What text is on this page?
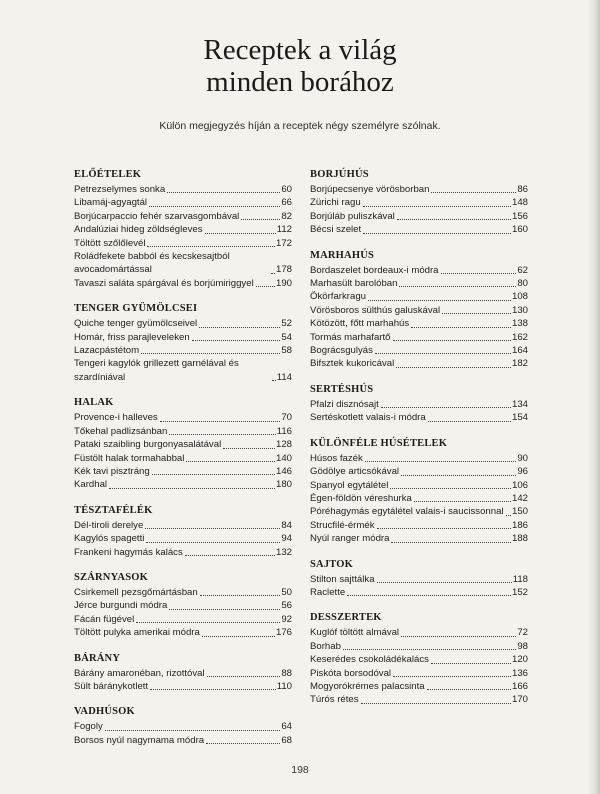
Receptek a világ
minden borához
Külön megjegyzés híján a receptek négy személyre szólnak.
ELŐÉTELEK
Petrezselymes sonka	60
Libamáj-agyagtál	66
Borjúcarpaccio fehér szarvasgombával	82
Andalúziai hideg zöldségleves	112
Töltött szőlőlevél	172
Roládfekete babból és kecskesajtból avocadomártással	178
Tavaszi saláta spárgával és borjúmiriggyel 190
TENGER GYÜMÖLCSEI
Quiche tenger gyümölcseivel	52
Homár, friss parajleveleken	54
Lazacpástétom	58
Tengeri kagylók grillezett garnélával és szardíniával	114
HALAK
Provence-i halleves	70
Tőkehal padlizsánban	116
Pataki szaibling burgonyasalátával	128
Füstölt halak tormahabbal	140
Kék tavi pisztráng	146
Kardhal	180
TÉSZTAFÉLÉK
Dél-tiroli derelye	84
Kagylós spagetti	94
Frankeni hagymás kalács	132
SZÁRNYASOK
Csirkemell pezsgőmártásban	50
Jérce burgundi módra	56
Fácán fügével	92
Töltött pulyka amerikai módra	176
BÁRÁNY
Bárány amaronéban, rizottóval	88
Sült báránykotlett	110
VADHÚSOK
Fogoly	64
Borsos nyúl nagymama módra	68
BORJÚHÚS
Borjúpecsenye vörösborban	86
Zürichi ragu	148
Borjúláb puliszkával	156
Bécsi szelet	160
MARHAHÚS
Bordaszelet bordeaux-i módra	62
Marhasült barolóban	80
Ökörfarkragu	108
Vörösboros sülthús galuskával	130
Kötözött, főtt marhahús	138
Tormás marhafartő	162
Bográcsgulyás	164
Bifsztek kukoricával	182
SERTÉSHÚS
Pfalzi disznósajt	134
Sertéskotlett valais-i módra	154
KÜLÖNFÉLE HÚSÉTELEK
Húsos fazék	90
Gödölye articsókával	96
Spanyol egytálétel	106
Égen-földön véreshurka	142
Póréhagymás egytálétel valais-i saucissonnal 150
Strucfilé-érmék	186
Nyúl ranger módra	188
SAJTOK
Stilton sajttálka	118
Raclette	152
DESSZERTEK
Kuglóf töltött almával	72
Borhab	98
Keserédes csokoládékalács	120
Piskóta borsodóval	136
Mogyorókrémes palacsinta	166
Túrós rétes	170
198
